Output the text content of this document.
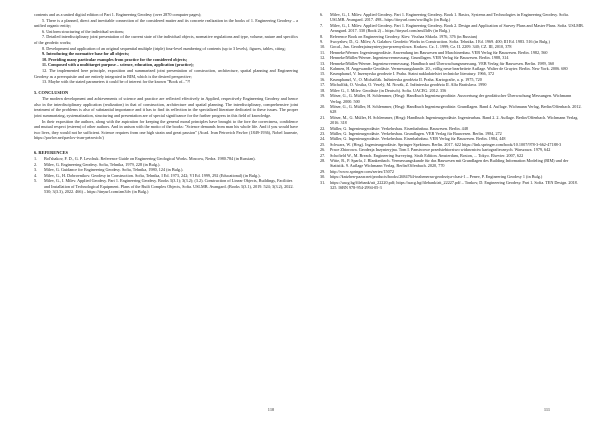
contents and as a united digital edition of Part 1. Engineering Geodesy (over 2870 computer pages);

5. There is a planned, direct and inevitable connection of the considered matter and its concrete realization in the books of 1. Engineering Geodesy – a unified organic entity;

6. Uniform structuring of the individual sections;

7. Detailed interdisciplinary joint presentation of the current state of the individual objects, normative regulations and type, volume, nature and specifics of the geodetic works;

8. Development and application of an original sequential multiple (triple) four-level numbering of contents (up to 3 levels), figures, tables, citing;

9. Introducing the normative base for all objects;

10. Providing many particular examples from practice for the considered objects;

11. Composed with a multitarget purpose – science, education, application (practice);

12. The implemented here principle, exposition and summarized joint presentation of construction, architecture, spatial planning and Engineering Geodesy as a prerequisite and are entirely integrated in BIM, which is the desired perspective;

13. Maybe with the stated parameters it could be of interest for the known "Book of..."?!

5. CONCLUSION

The modern development and achievements of science and practice are reflected effectively in Applied, respectively Engineering Geodesy and hence also in the interdisciplinary application (realization) in that of construction, architecture and spatial planning. The interdisciplinary, comprehensive joint treatment of the problems is also of substantial importance and it has to find its reflection in the specialized literature dedicated to these issues. The proper joint summarizing, systematization, structuring and presentation are of special significance for the further progress in this field of knowledge.

In their exposition the authors, along with the aspiration for keeping the general moral principles have brought to the fore the correctness, confidence and mutual respect (esteem) of other authors. And in unison with the motto of the books: "Science demands from man his whole life. And if you would have two lives, they would not be sufficient. Science requires from one high strain and great passion" (Acad. Ivan Petrovich Pavlov (1849-1936), Nobel laureate, https://pavlov.net/pavlov-ivan-petrovich/)

6. REFERENCES
1. Bol'shakov, F. D., G. P. Levchuk. Reference Guide on Engineering Geological Works. Moscow, Nedra. 1980.784 (in Russian).
2. Milev, G. Engineering Geodesy. Sofia, Tehnika, 1979, 228 (in Bulg.).
3. Milev, G. Guidance for Engineering Geodesy. Sofia, Tehnika, 1980, 124 (in Bulg.).
4. Milev, G., H. Dobrovnikov. Geodesy in Construction. Sofia, Tehnika, I Ed. 1973, 242; VI Ed. 1999, 292 (Educational) (in Bulg.).
5. Milev, G., I. Milev. Applied Geodesy. Part 1. Engineering Geodesy. Books 3(3.1); 3(3.2); (3.2). Construction of Linear Objects, Buildings, Facilities and Installation of Technological Equipment. Plans of the Built Complex Objects, Sofia. USLMB. Avangard. (Books 3(3.1), 2019. 524; 3(3.2), 2022. 530; 3(3.3), 2022. 466) – https://tinyurl.com/am3ifv (in Bulg.)
6. Milev, G., I. Milev. Applied Geodesy. Part 1. Engineering Geodesy. Book 1. Basics, Systems and Technologies in Engineering Geodesy. Sofia. USLMB. Avangard. 2017. 498– https://tinyurl.com/ww4bg3c (in Bulg.)
7. Milev, G., I. Milev. Applied Geodesy. Part 1. Engineering Geodesy. Book 2. Design and Application of Survey Plans and Master Plans. Sofia. USLMB. Avangard. 2017. 330 (Book 2) – https://tinyurl.com/am43dfv (in Bulg.)
8. Reference Book on Engineering Geodesy. Kiev. Visshaa Shkola. 1976, 376 (in Russian)
9. Swoyzhev, D., G. Milev, A. Galabov. Geodetic Works in Construction. Sofia. Tehnika. I Ed. 1969. 400; III Ed. 1983. 516 (in Bulg.)
10. Gocal., Jan. Geodezjainzynieryjno-przemyslowa. Krakow. Cz. 1. 1999; Cz. II. 2209. 340; CZ. III, 2010, 378
11. Henneke/Werner. Ingenieurgeodäsie. Anwendung im Bauwesen und Maschinenbau. VEB Verlag für Bauwesen. Berlin. 1982, 560
12. Henneke/Müller/Werner. Ingenieurvermessung. Grundlagen. VEB Verlag für Bauwesen. Berlin. 1988, 314
13. Henneke/Müller/Werner. Ingenieurvermessung. Handbuch und Überwachungsmessung. VEB Verlag für Bauwesen. Berlin. 1989, 360
14. Kahmen, H. Angewandte Geodäsie. Vermessungskunde. 20., völlig neue bearbeitete Auflage. Walter de Gruyter. Berlin. New York. 2006. 680
15. Krumphanzl, V. Inzenyrska geodezie I. Praha. Statni nakladatelstvi technicke literatury. 1966, 372
16. Krumphanzl, V., O. Michalčák. Inžinierska geodézia II. Praha. Kartografie, a. p. 1975, 720
17. Michalčák, O. Vosika, O. Veselý, M. Novák, Z. Inžinierska geodézia II. Alfa Bratislava. 1990
18. Milev G., I. Milev. Geodäsie (in Deutsch). Sofia. UACEG. 2012. 356
19. Möser, G., G. Müller, H. Schlemmer, (Hrsg): Handbuch Ingenieurgeodäsie. Auswertung der geodätischer Überwachung Messungen. Wichmann Verlag. 2000. 500
20. Möser, G., G. Müller, H. Schlemmer, (Hrsg): Handbuch Ingenieurgeodäsie. Grundlagen. Band 4. Auflage. Wichmann Verlag, Berlin/Offenbach. 2012. 628
21. Möser, M., G. Müller, H. Schlemmer, (Hrsg): Handbuch Ingenieurgeodäsie. Ingenieurbau. Band 2. 2. Auflage. Berlin/Offenbach. Wichmann Verlag. 2016. 318
22. Müller, G. Ingenieurgeodäsie: Verkehrsbau. Eisenbahnbau. Bauwesen. Berlin. 448
23. Müller, G. Ingenieurgeodäsie. Verkehrsbau. Grundlagen. VEB Verlag für Bauwesen. Berlin. 1984, 272
24. Müller, G. Ingenieurgeodäsie. Verkehrsbau. Eisenbahnbau. VEB Verlag für Bauwesen. Berlin. 1984, 448
25. Schwarz, W. (Hrsg). Ingenieurgeodäsie. Springer Spektrum. Berlin. 2017. 622 https://link.springer.com/book/10.1007/978-3-662-47188-3
26. Prace Zbiorowa. Geodezja Inzynieryjna. Tom I. Panstwowe przedsiebiorstwo widawnictw kartografiecznych. Warszawa. 1979, 642
27. Schofield W., M. Breach. Engineering Surveying. Sixth Edition. Amsterdam, Boston, ... Tokyo. Elsevier. 2007, 622
28. Witte, B., P. Sparla, J. Blankenbach. Vermessungskunde für das Bauwesen mit Grundlagen des Building Information Modeling (BIM) und der Statistik. 9. Auflage Wichmann Verlag. Berlin/Offenbach. 2020, 770
29. http://www.springer.com/series/15072
30. https://knizhen-pazar.net/products/books/2684764-inzhenerna-geodeziya-chast-1 – Penev, P. Engineering Geodesy 1 (in Bulg.)
31. https://uacg.bg/filebank/att_22220.pdf; https://uacg.bg/filebank/att_22227.pdf – Tonkov, D. Engineering Geodesy. Part 1. Sofia. TEN Design. 2018. 325. ISBN 978-954-2994-05-3
110	111
